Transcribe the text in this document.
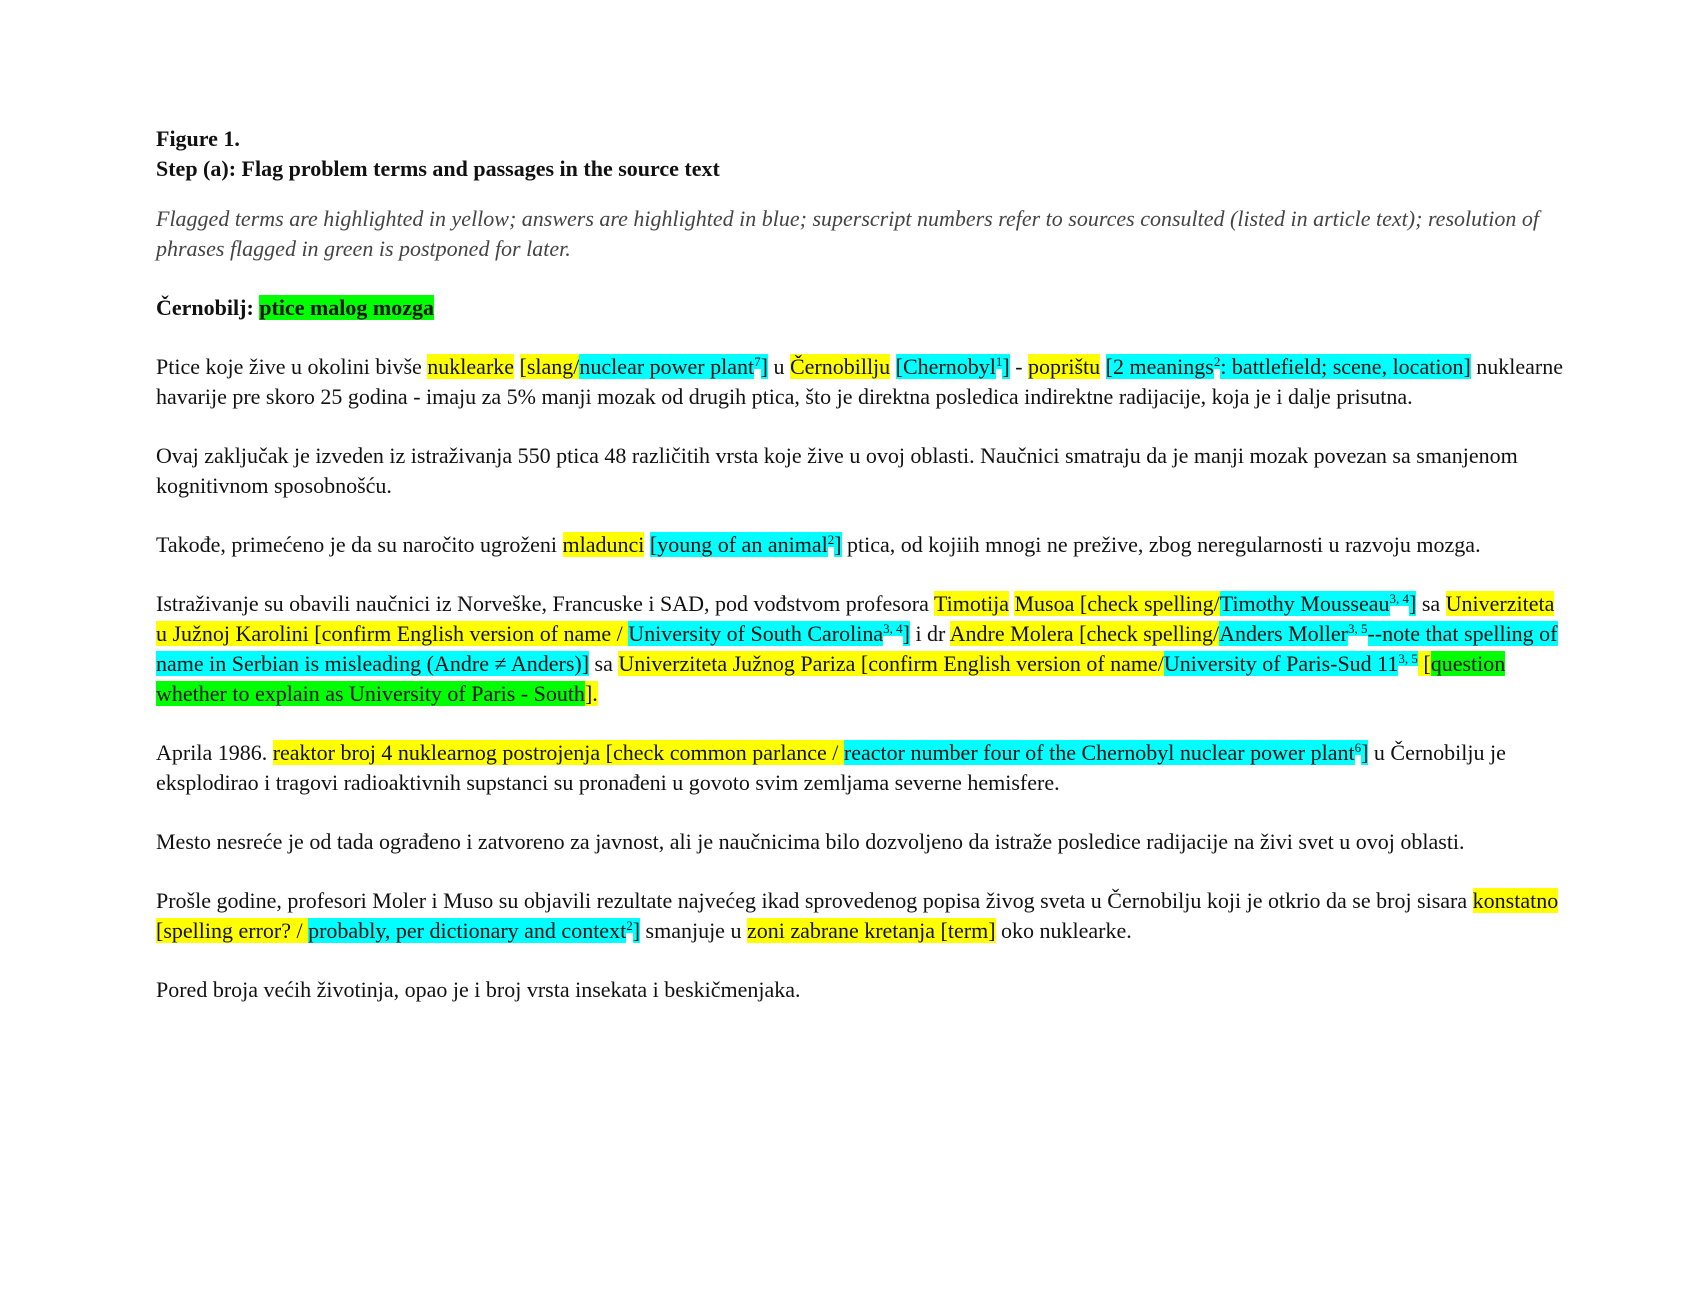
Figure 1.
Step (a): Flag problem terms and passages in the source text
Flagged terms are highlighted in yellow; answers are highlighted in blue; superscript numbers refer to sources consulted (listed in article text); resolution of phrases flagged in green is postponed for later.
Černobilj: ptice malog mozga
Ptice koje žive u okolini bivše nuklearke [slang/nuclear power plant$^7$] u Černobillju [Chernobyl$^1$] - poprištu [2 meanings$^2$: battlefield; scene, location] nuklearne havarije pre skoro 25 godina - imaju za 5% manji mozak od drugih ptica, što je direktna posledica indirektne radijacije, koja je i dalje prisutna.
Ovaj zaključak je izveden iz istraživanja 550 ptica 48 različitih vrsta koje žive u ovoj oblasti. Naučnici smatraju da je manji mozak povezan sa smanjenom kognitivnom sposobnošću.
Takođe, primećeno je da su naročito ugroženi mladunci [young of an animal$^2$] ptica, od kojiih mnogi ne prežive, zbog neregularnosti u razvoju mozga.
Istraživanje su obavili naučnici iz Norveške, Francuske i SAD, pod vođstvom profesora Timotija Musoa [check spelling/Timothy Mousseau$^{3, 4}$] sa Univerziteta u Južnoj Karolini [confirm English version of name / University of South Carolina$^{3, 4}$] i dr Andre Molera [check spelling/Anders Moller$^{3, 5}$--note that spelling of name in Serbian is misleading (Andre ≠ Anders)] sa Univerziteta Južnog Pariza [confirm English version of name/University of Paris-Sud 11$^{3, 5}$ [question whether to explain as University of Paris - South].
Aprila 1986. reaktor broj 4 nuklearnog postrojenja [check common parlance / reactor number four of the Chernobyl nuclear power plant$^6$] u Černobilju je eksplodirao i tragovi radioaktivnih supstanci su pronađeni u govoto svim zemljama severne hemisfere.
Mesto nesreće je od tada ograđeno i zatvoreno za javnost, ali je naučnicima bilo dozvoljeno da istraže posledice radijacije na živi svet u ovoj oblasti.
Prošle godine, profesori Moler i Muso su objavili rezultate najvećeg ikad sprovedenog popisa živog sveta u Černobilju koji je otkrio da se broj sisara konstatno [spelling error? / probably, per dictionary and context$^2$] smanjuje u zoni zabrane kretanja [term] oko nuklearke.
Pored broja većih životinja, opao je i broj vrsta insekata i beskičmenjaka.
